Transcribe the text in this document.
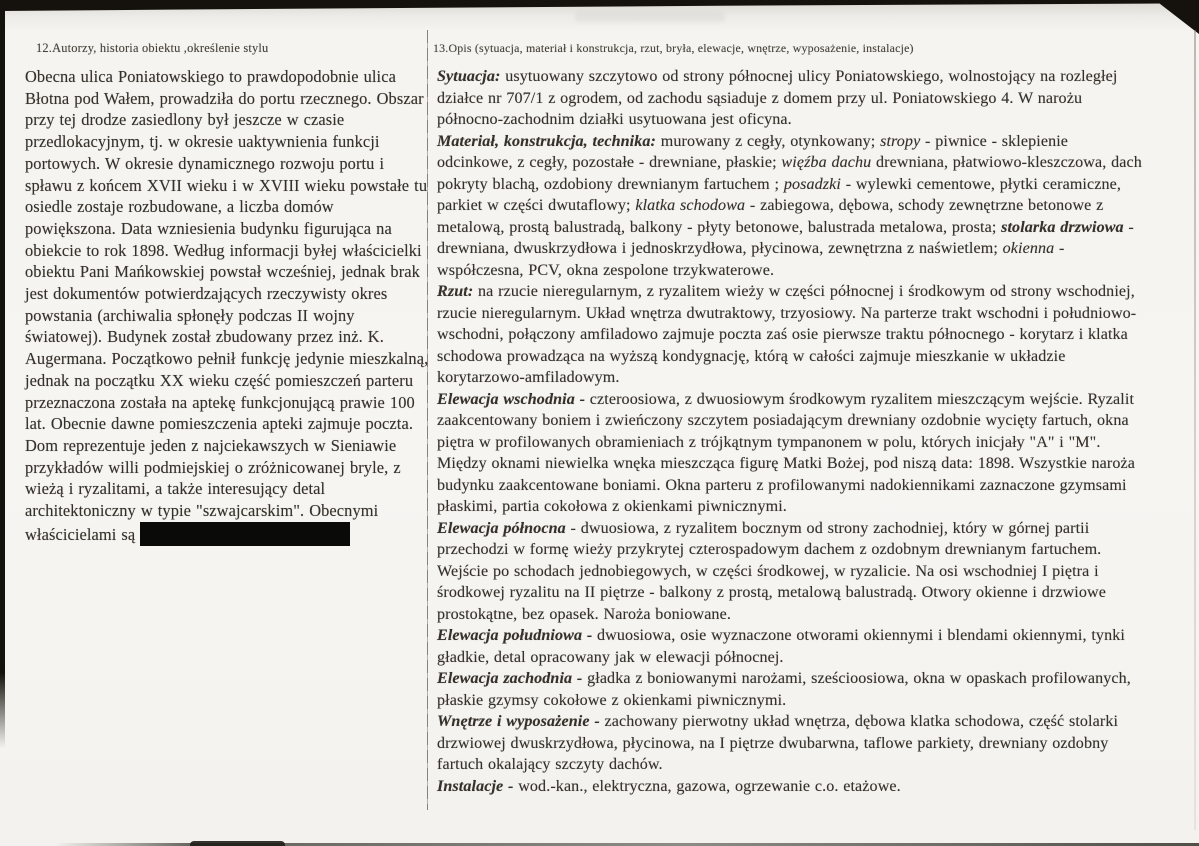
12.Autorzy, historia obiektu ,określenie stylu	13.Opis (sytuacja, materiał i konstrukcja, rzut, bryła, elewacje, wnętrze, wyposażenie, instalacje)

Obecna ulica Poniatowskiego to prawdopodobnie ulica Błotna pod Wałem, prowadziła do portu rzecznego. Obszar przy tej drodze zasiedlony był jeszcze w czasie przedlokacyjnym, tj. w okresie uaktywnienia funkcji portowych. W okresie dynamicznego rozwoju portu i spławu z końcem XVII wieku i w XVIII wieku powstałe tu osiedle zostaje rozbudowane, a liczba domów powiększona. Data wzniesienia budynku figurująca na obiekcie to rok 1898. Według informacji byłej właścicielki obiektu Pani Mańkowskiej powstał wcześniej, jednak brak jest dokumentów potwierdzających rzeczywisty okres powstania (archiwalia spłonęły podczas II wojny światowej). Budynek został zbudowany przez inż. K. Augermana. Początkowo pełnił funkcję jedynie mieszkalną, jednak na początku XX wieku część pomieszczeń parteru przeznaczona została na aptekę funkcjonującą prawie 100 lat. Obecnie dawne pomieszczenia apteki zajmuje poczta.

Dom reprezentuje jeden z najciekawszych w Sieniawie przykładów willi podmiejskiej o zróżnicowanej bryle, z wieżą i ryzalitami, a także interesujący detal architektoniczny w typie "szwajcarskim". Obecnymi właścicielami są

Sytuacja: usytuowany szczytowo od strony północnej ulicy Poniatowskiego, wolnostojący na rozległej działce nr 707/1 z ogrodem, od zachodu sąsiaduje z domem przy ul. Poniatowskiego 4. W narożu północno-zachodnim działki usytuowana jest oficyna.

Materiał, konstrukcja, technika: murowany z cegły, otynkowany; stropy - piwnice - sklepienie odcinkowe, z cegły, pozostałe - drewniane, płaskie; więźba dachu drewniana, płatwiowo-kleszczowa, dach pokryty blachą, ozdobiony drewnianym fartuchem ; posadzki - wylewki cementowe, płytki ceramiczne, parkiet w części dwutaflowy; klatka schodowa - zabiegowa, dębowa, schody zewnętrzne betonowe z metalową, prostą balustradą, balkony - płyty betonowe, balustrada metalowa, prosta; stolarka drzwiowa - drewniana, dwuskrzydłowa i jednoskrzydłowa, płycinowa, zewnętrzna z naświetlem; okienna - współczesna, PCV, okna zespolone trzykwaterowe.

Rzut: na rzucie nieregularnym, z ryzalitem wieży w części północnej i środkowym od strony wschodniej, rzucie nieregularnym. Układ wnętrza dwutraktowy, trzyosiowy. Na parterze trakt wschodni i południowo-wschodni, połączony amfiladowo zajmuje poczta zaś osie pierwsze traktu północnego - korytarz i klatka schodowa prowadząca na wyższą kondygnację, którą w całości zajmuje mieszkanie w układzie korytarzowo-amfiladowym.

Elewacja wschodnia - czteroosiowa, z dwuosiowym środkowym ryzalitem mieszczącym wejście. Ryzalit zaakcentowany boniem i zwieńczony szczytem posiadającym drewniany ozdobnie wycięty fartuch, okna piętra w profilowanych obramieniach z trójkątnym tympanonem w polu, których inicjały "A" i "M". Między oknami niewielka wnęka mieszcząca figurę Matki Bożej, pod niszą data: 1898. Wszystkie naroża budynku zaakcentowane boniami. Okna parteru z profilowanymi nadokiennikami zaznaczone gzymsami płaskimi, partia cokołowa z okienkami piwnicznymi.

Elewacja północna - dwuosiowa, z ryzalitem bocznym od strony zachodniej, który w górnej partii przechodzi w formę wieży przykrytej czterospadowym dachem z ozdobnym drewnianym fartuchem. Wejście po schodach jednobiegowych, w części środkowej, w ryzalicie. Na osi wschodniej I piętra i środkowej ryzalitu na II piętrze - balkony z prostą, metalową balustradą. Otwory okienne i drzwiowe prostokątne, bez opasek. Naroża boniowane.

Elewacja południowa - dwuosiowa, osie wyznaczone otworami okiennymi i blendami okiennymi, tynki gładkie, detal opracowany jak w elewacji północnej.

Elewacja zachodnia - gładka z boniowanymi narożami, sześcioosiowa, okna w opaskach profilowanych, płaskie gzymsy cokołowe z okienkami piwnicznymi.

Wnętrze i wyposażenie - zachowany pierwotny układ wnętrza, dębowa klatka schodowa, część stolarki drzwiowej dwuskrzydłowa, płycinowa, na I piętrze dwubarwna, taflowe parkiety, drewniany ozdobny fartuch okalający szczyty dachów.

Instalacje - wod.-kan., elektryczna, gazowa, ogrzewanie c.o. etażowe.
